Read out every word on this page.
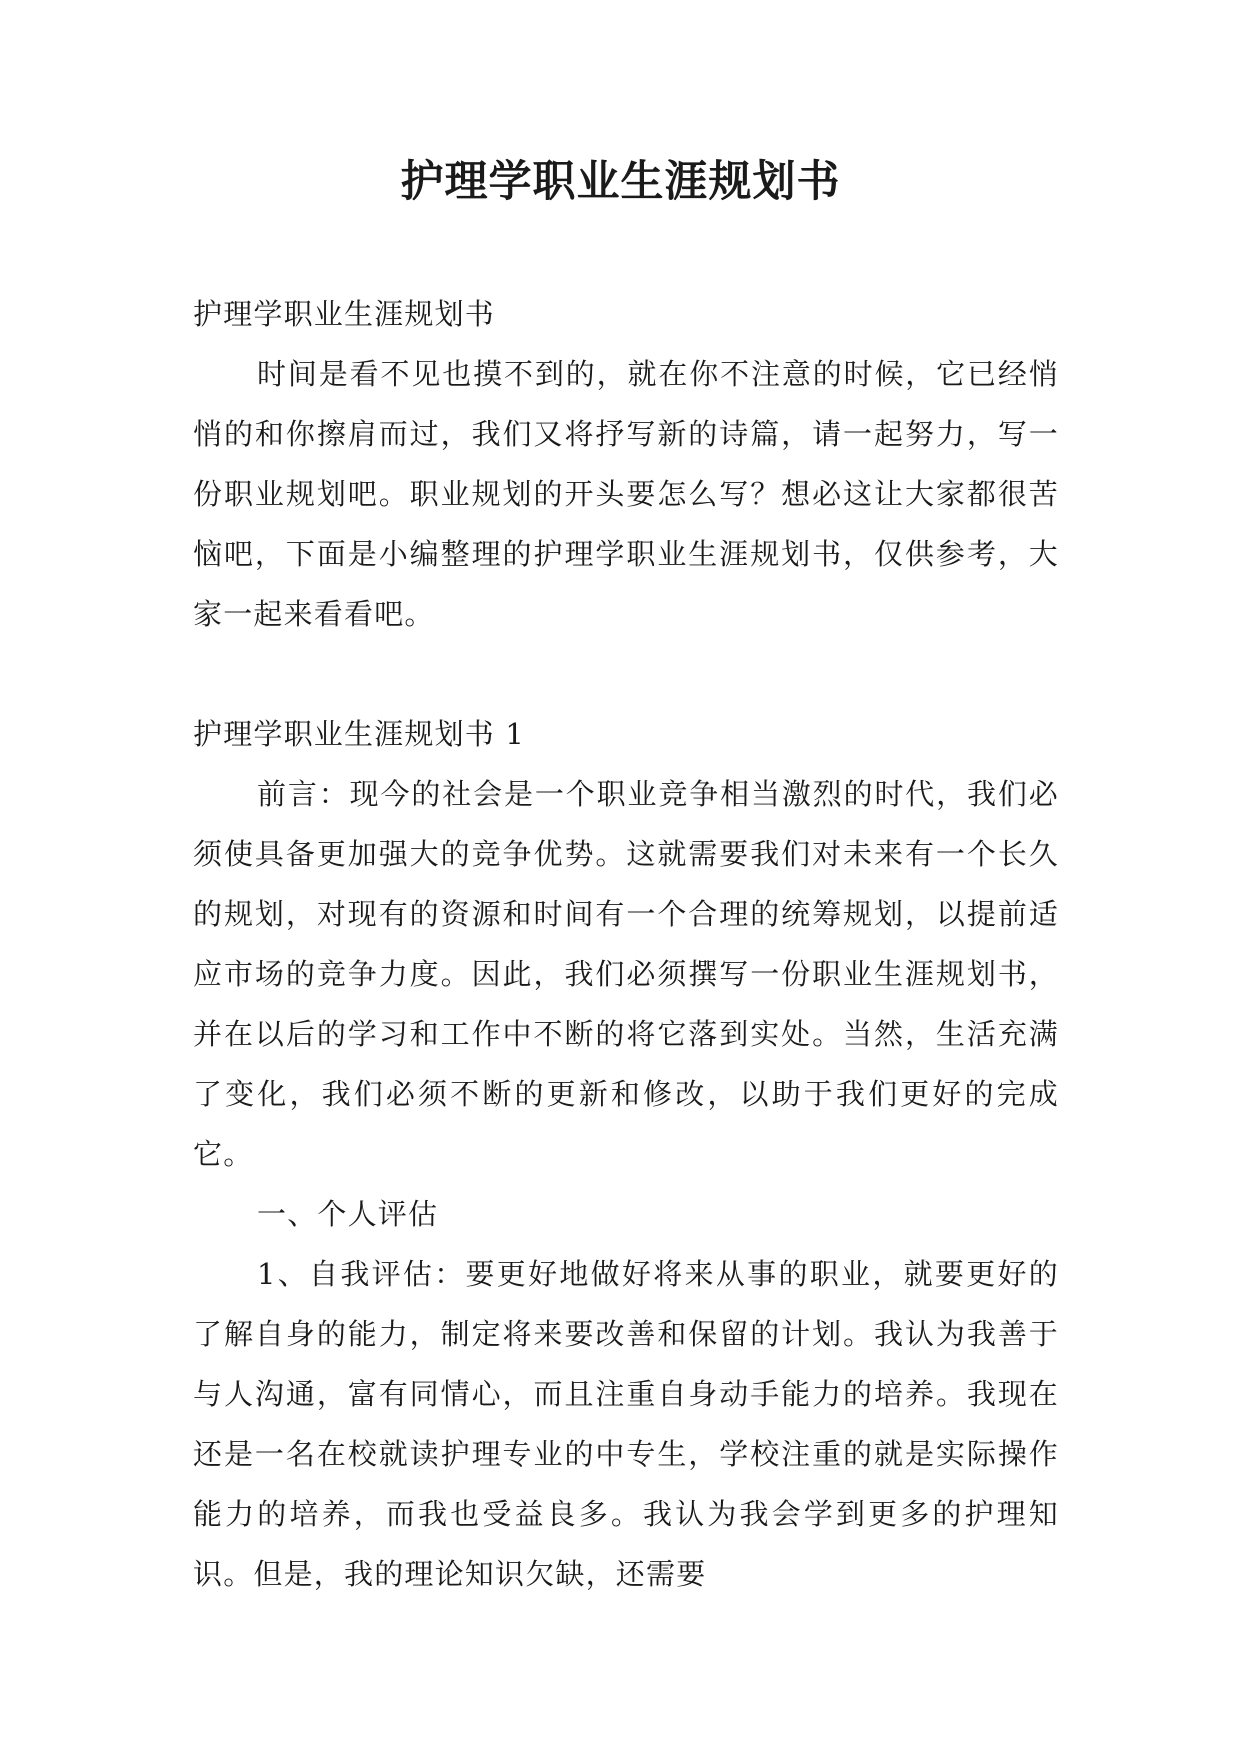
护理学职业生涯规划书

护理学职业生涯规划书

时间是看不见也摸不到的，就在你不注意的时候，它已经悄悄的和你擦肩而过，我们又将抒写新的诗篇，请一起努力，写一份职业规划吧。职业规划的开头要怎么写？想必这让大家都很苦恼吧，下面是小编整理的护理学职业生涯规划书，仅供参考，大家一起来看看吧。

护理学职业生涯规划书 1

前言：现今的社会是一个职业竞争相当激烈的时代，我们必须使具备更加强大的竞争优势。这就需要我们对未来有一个长久的规划，对现有的资源和时间有一个合理的统筹规划，以提前适应市场的竞争力度。因此，我们必须撰写一份职业生涯规划书，并在以后的学习和工作中不断的将它落到实处。当然，生活充满了变化，我们必须不断的更新和修改，以助于我们更好的完成它。

一、个人评估

1、自我评估：要更好地做好将来从事的职业，就要更好的了解自身的能力，制定将来要改善和保留的计划。我认为我善于与人沟通，富有同情心，而且注重自身动手能力的培养。我现在还是一名在校就读护理专业的中专生，学校注重的就是实际操作能力的培养，而我也受益良多。我认为我会学到更多的护理知识。但是，我的理论知识欠缺，还需要
